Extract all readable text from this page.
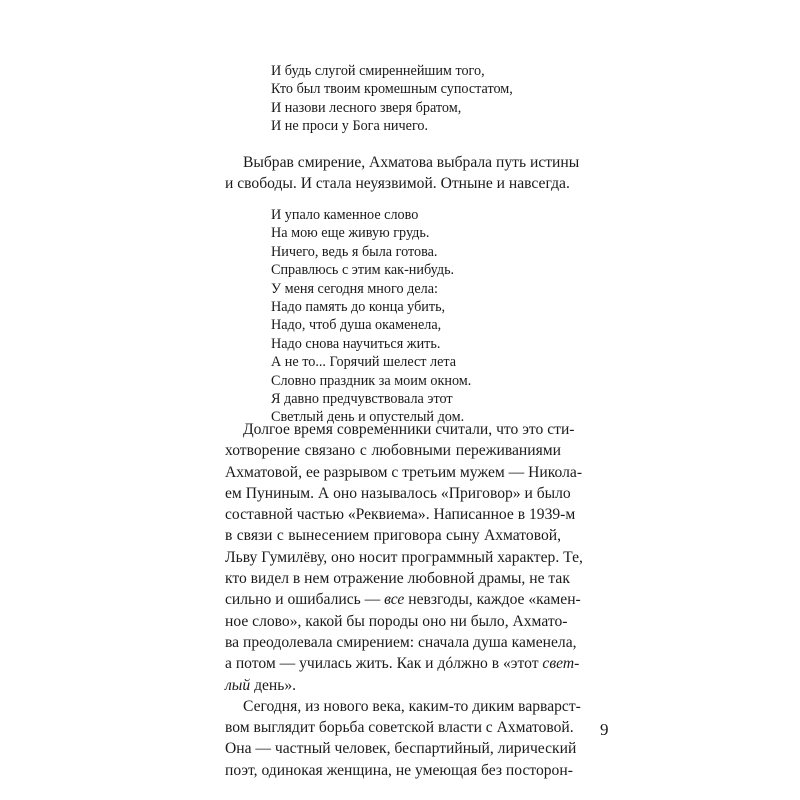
И будь слугой смиреннейшим того,
Кто был твоим кромешным супостатом,
И назови лесного зверя братом,
И не проси у Бога ничего.
Выбрав смирение, Ахматова выбрала путь истины
и свободы. И стала неуязвимой. Отныне и навсегда.
И упало каменное слово
На мою еще живую грудь.
Ничего, ведь я была готова.
Справлюсь с этим как-нибудь.
У меня сегодня много дела:
Надо память до конца убить,
Надо, чтоб душа окаменела,
Надо снова научиться жить.
А не то... Горячий шелест лета
Словно праздник за моим окном.
Я давно предчувствовала этот
Светлый день и опустелый дом.
Долгое время современники считали, что это сти-
хотворение связано с любовными переживаниями
Ахматовой, ее разрывом с третьим мужем — Никола-
ем Пуниным. А оно называлось «Приговор» и было
составной частью «Реквиема». Написанное в 1939-м
в связи с вынесением приговора сыну Ахматовой,
Льву Гумилёву, оно носит программный характер. Те,
кто видел в нем отражение любовной драмы, не так
сильно и ошибались — все невзгоды, каждое «камен-
ное слово», какой бы породы оно ни было, Ахмато-
ва преодолевала смирением: сначала душа каменела,
а потом — училась жить. Как и дóлжно в «этот свет-
лый день».
Сегодня, из нового века, каким-то диким варварст-
вом выглядит борьба советской власти с Ахматовой.
Она — частный человек, беспартийный, лирический
поэт, одинокая женщина, не умеющая без посторон-
9
